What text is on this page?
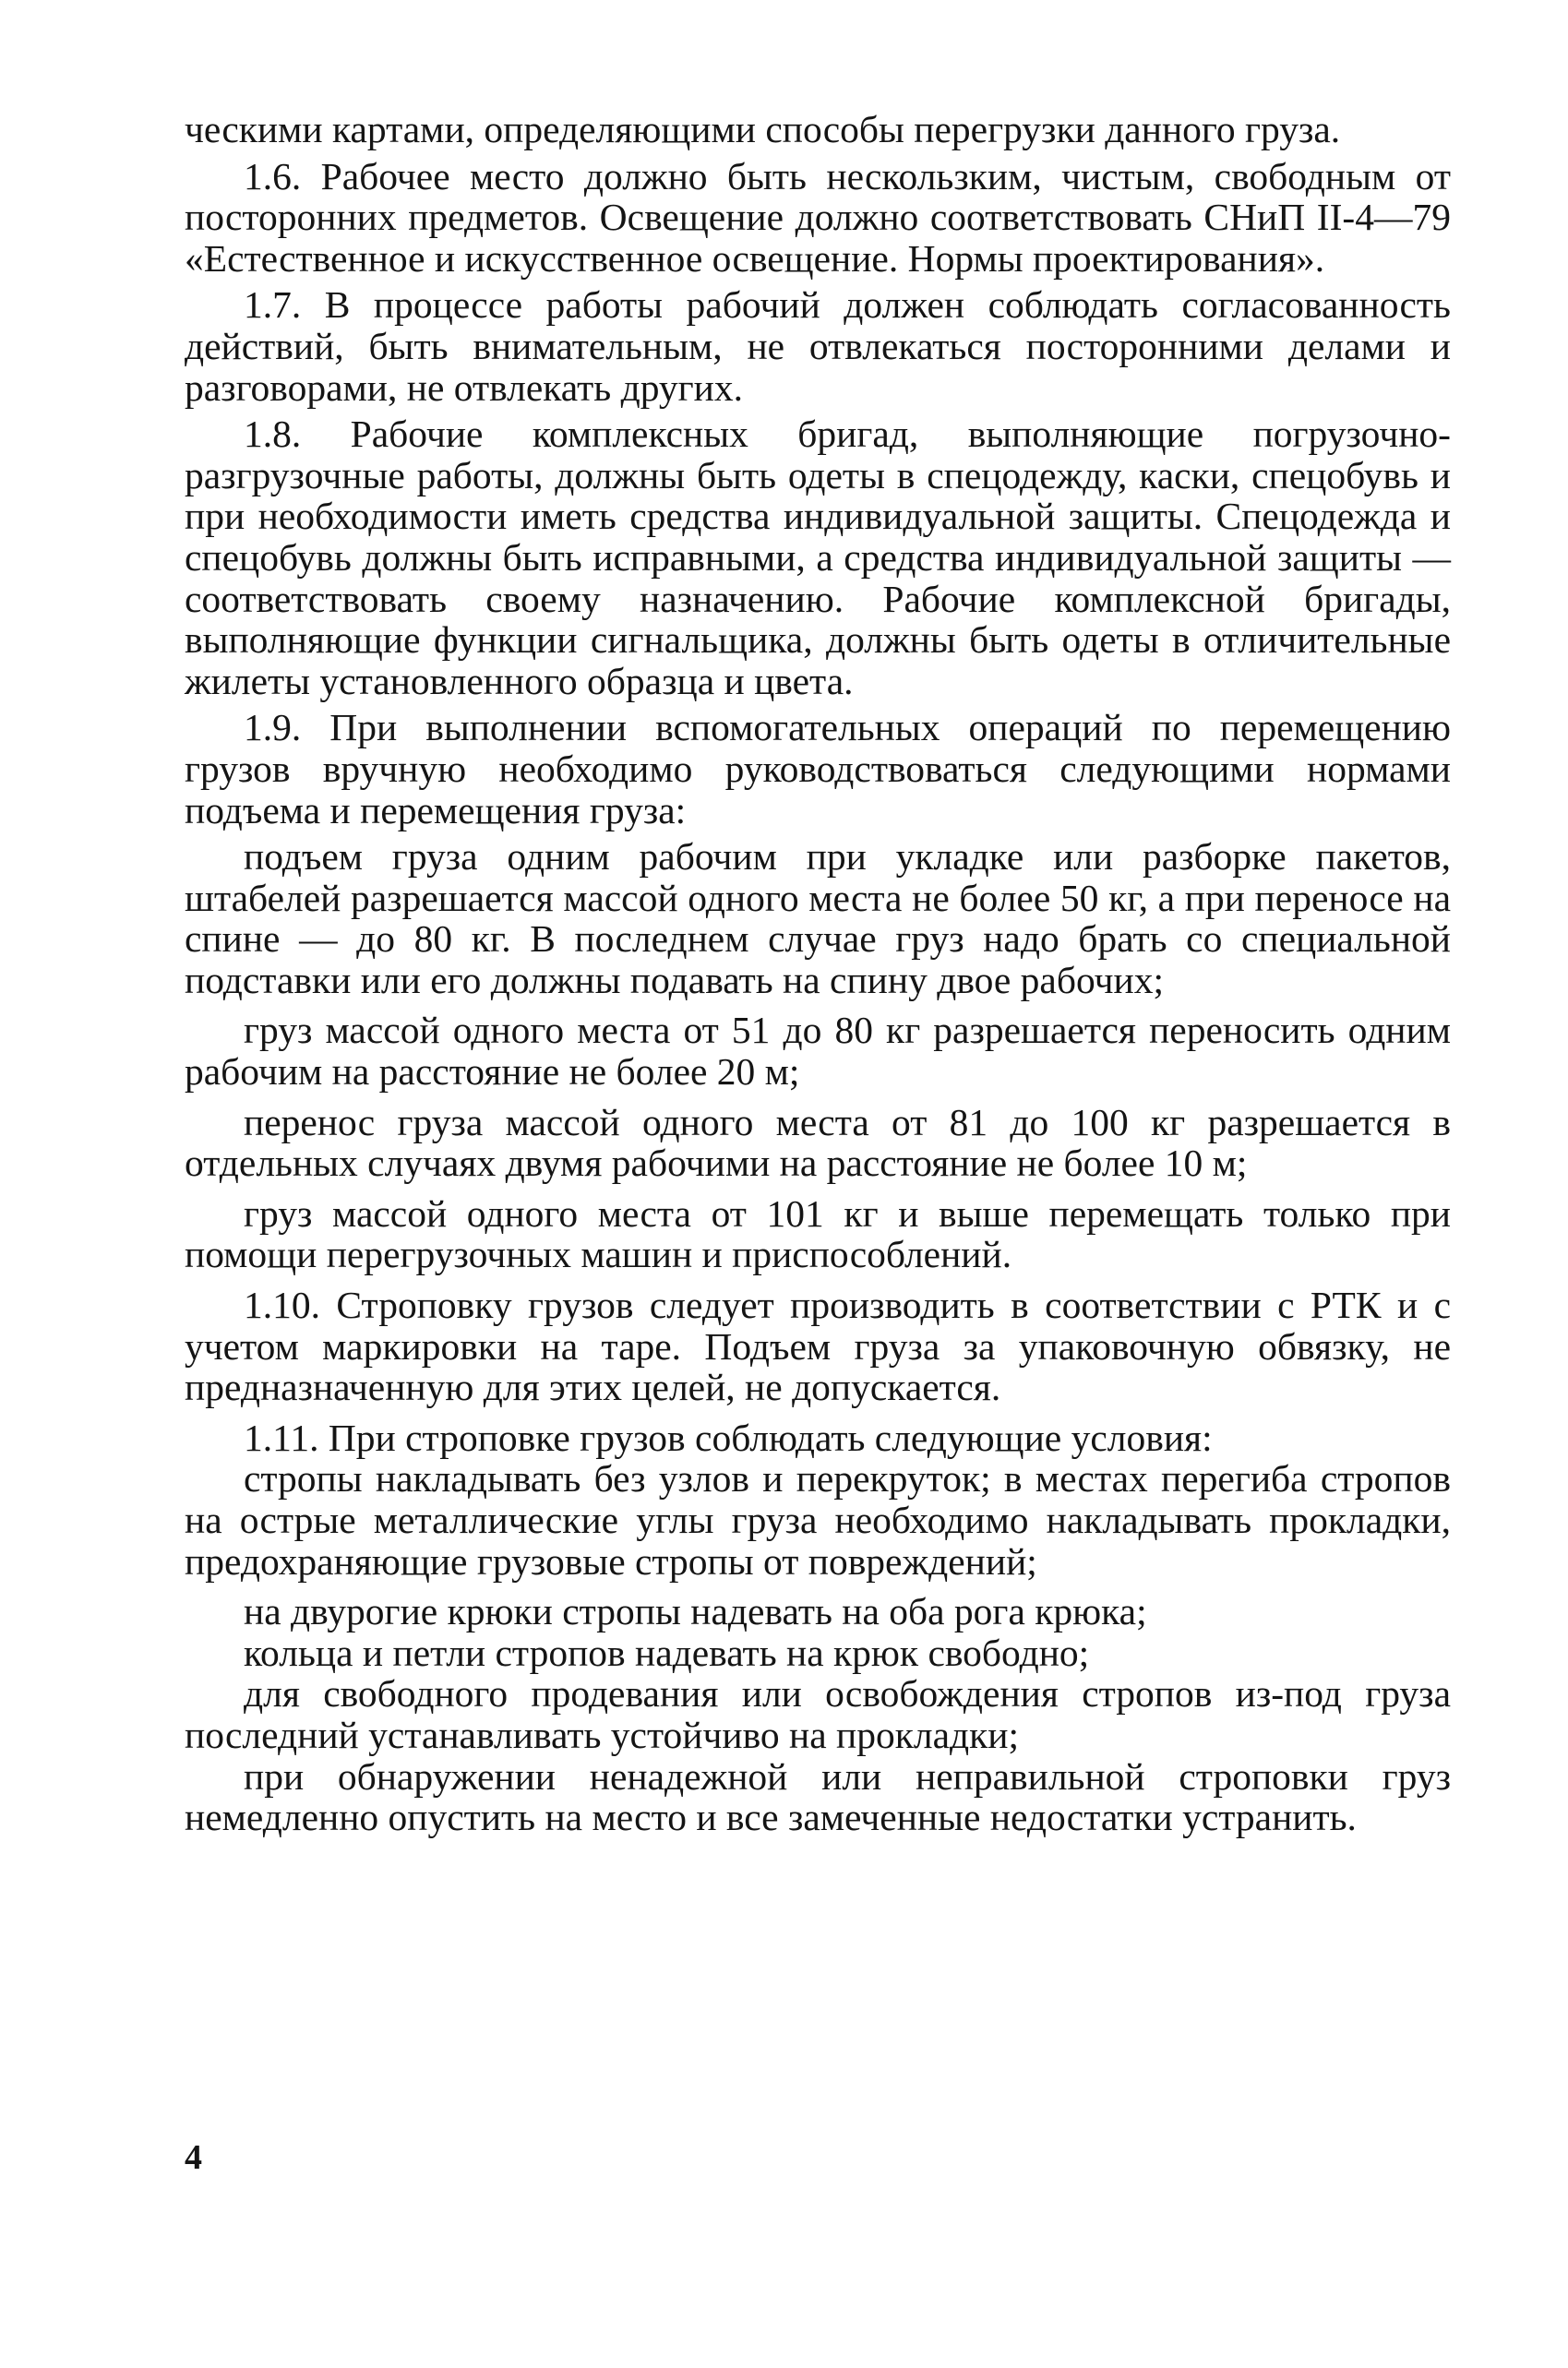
ческими картами, определяющими способы перегрузки данного груза.

1.6. Рабочее место должно быть нескользким, чистым, свободным от посторонних предметов. Освещение должно соответствовать СНиП II-4—79 «Естественное и искусственное освещение. Нормы проектирования».

1.7. В процессе работы рабочий должен соблюдать согласованность действий, быть внимательным, не отвлекаться посторонними делами и разговорами, не отвлекать других.

1.8. Рабочие комплексных бригад, выполняющие погрузочно-разгрузочные работы, должны быть одеты в спецодежду, каски, спецобувь и при необходимости иметь средства индивидуальной защиты. Спецодежда и спецобувь должны быть исправными, а средства индивидуальной защиты — соответствовать своему назначению. Рабочие комплексной бригады, выполняющие функции сигнальщика, должны быть одеты в отличительные жилеты установленного образца и цвета.

1.9. При выполнении вспомогательных операций по перемещению грузов вручную необходимо руководствоваться следующими нормами подъема и перемещения груза:

подъем груза одним рабочим при укладке или разборке пакетов, штабелей разрешается массой одного места не более 50 кг, а при переносе на спине — до 80 кг. В последнем случае груз надо брать со специальной подставки или его должны подавать на спину двое рабочих;

груз массой одного места от 51 до 80 кг разрешается переносить одним рабочим на расстояние не более 20 м;

перенос груза массой одного места от 81 до 100 кг разрешается в отдельных случаях двумя рабочими на расстояние не более 10 м;

груз массой одного места от 101 кг и выше перемещать только при помощи перегрузочных машин и приспособлений.

1.10. Строповку грузов следует производить в соответствии с РТК и с учетом маркировки на таре. Подъем груза за упаковочную обвязку, не предназначенную для этих целей, не допускается.

1.11. При строповке грузов соблюдать следующие условия:

стропы накладывать без узлов и перекруток; в местах перегиба стропов на острые металлические углы груза необходимо накладывать прокладки, предохраняющие грузовые стропы от повреждений;

на двурогие крюки стропы надевать на оба рога крюка;

кольца и петли стропов надевать на крюк свободно;

для свободного продевания или освобождения стропов из-под груза последний устанавливать устойчиво на прокладки;

при обнаружении ненадежной или неправильной строповки груз немедленно опустить на место и все замеченные недостатки устранить.

4
